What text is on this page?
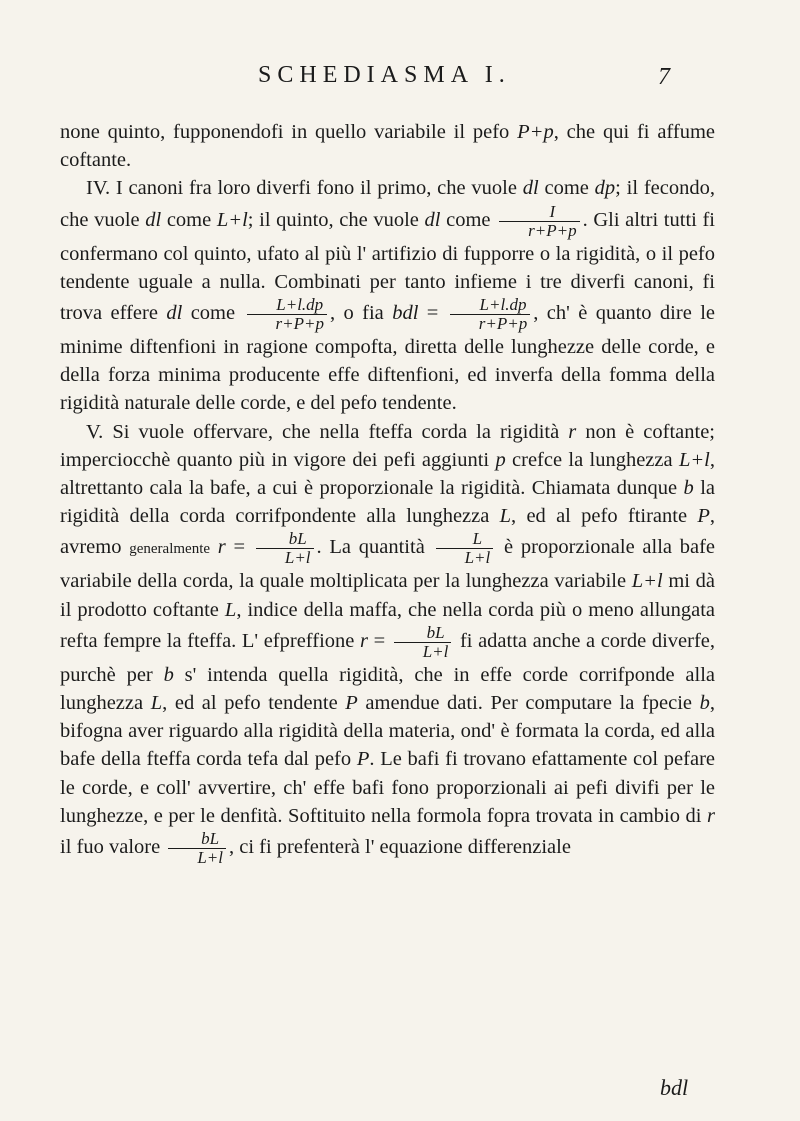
SCHEDIASMA I.	7

none quinto, fupponendofi in quello variabile il pefo P+p, che qui fi affume coftante.

IV. I canoni fra loro diverfi fono il primo, che vuole dl come dp; il fecondo, che vuole dl come L+l; il quinto, che vuole dl come $\frac{I}{r+P+p}$ . Gli altri tutti fi confermano col quinto, ufato al più l' artifizio di fupporre o la rigidità, o il pefo tendente uguale a nulla. Combinati per tanto infieme i tre diverfi canoni, fi trova effere dl come $\frac{L+l.dp}{r+P+p}$ , o fia bdl = $\frac{L+l.dp}{r+P+p}$ , ch' è quanto dire le minime diftenfioni in ragione compofta, diretta delle lunghezze delle corde, e della forza minima producente effe diftenfioni, ed inverfa della fomma della rigidità naturale delle corde, e del pefo tendente.

V. Si vuole offervare, che nella fteffa corda la rigidità r non è coftante; imperciocchè quanto più in vigore dei pefi aggiunti p crefce la lunghezza L+l, altrettanto cala la bafe, a cui è proporzionale la rigidità. Chiamata dunque b la rigidità della corda corrifpondente alla lunghezza L, ed al pefo ftirante P, avremo generalmente $r = \frac{bL}{L+l}$ . La quantità $\frac{L}{L+l}$ è proporzionale alla bafe variabile della corda, la quale moltiplicata per la lunghezza variabile L+l mi dà il prodotto coftante L, indice della maffa, che nella corda più o meno allungata refta fempre la fteffa. L' efpreffione $r = \frac{bL}{L+l}$ fi adatta anche a corde diverfe, purchè per b s' intenda quella rigidità, che in effe corde corrifponde alla lunghezza L, ed al pefo tendente P amendue dati. Per computare la fpecie b, bifogna aver riguardo alla rigidità della materia, ond' è formata la corda, ed alla bafe della fteffa corda tefa dal pefo P. Le bafi fi trovano efattamente col pefare le corde, e coll' avvertire, ch' effe bafi fono proporzionali ai pefi divifi per le lunghezze, e per le denfità. Softituito nella formola fopra trovata in cambio di r il fuo valore $\frac{bL}{L+l}$ , ci fi prefenterà l' equazione differenziale

bdl
